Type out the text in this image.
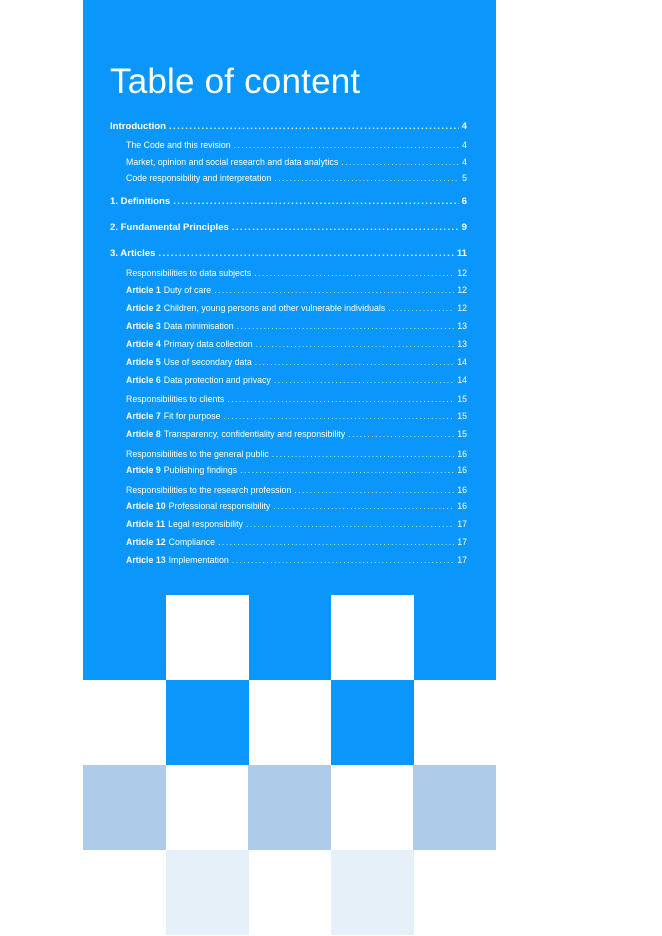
Table of content
Introduction .....	4
The Code and this revision .....	4
Market, opinion and social research and data analytics .....	4
Code responsibility and interpretation .....	5
1. Definitions .....	6
2. Fundamental Principles .....	9
3. Articles .....	11
Responsibilities to data subjects .....	12
Article 1 Duty of care .....	12
Article 2 Children, young persons and other vulnerable individuals .....	12
Article 3 Data minimisation .....	13
Article 4 Primary data collection .....	13
Article 5 Use of secondary data .....	14
Article 6 Data protection and privacy .....	14
Responsibilities to clients .....	15
Article 7 Fit for purpose .....	15
Article 8 Transparency, confidentiality and responsibility .....	15
Responsibilities to the general public .....	16
Article 9 Publishing findings .....	16
Responsibilities to the research profession .....	16
Article 10 Professional responsibility .....	16
Article 11 Legal responsibility .....	17
Article 12 Compliance .....	17
Article 13 Implementation .....	17
